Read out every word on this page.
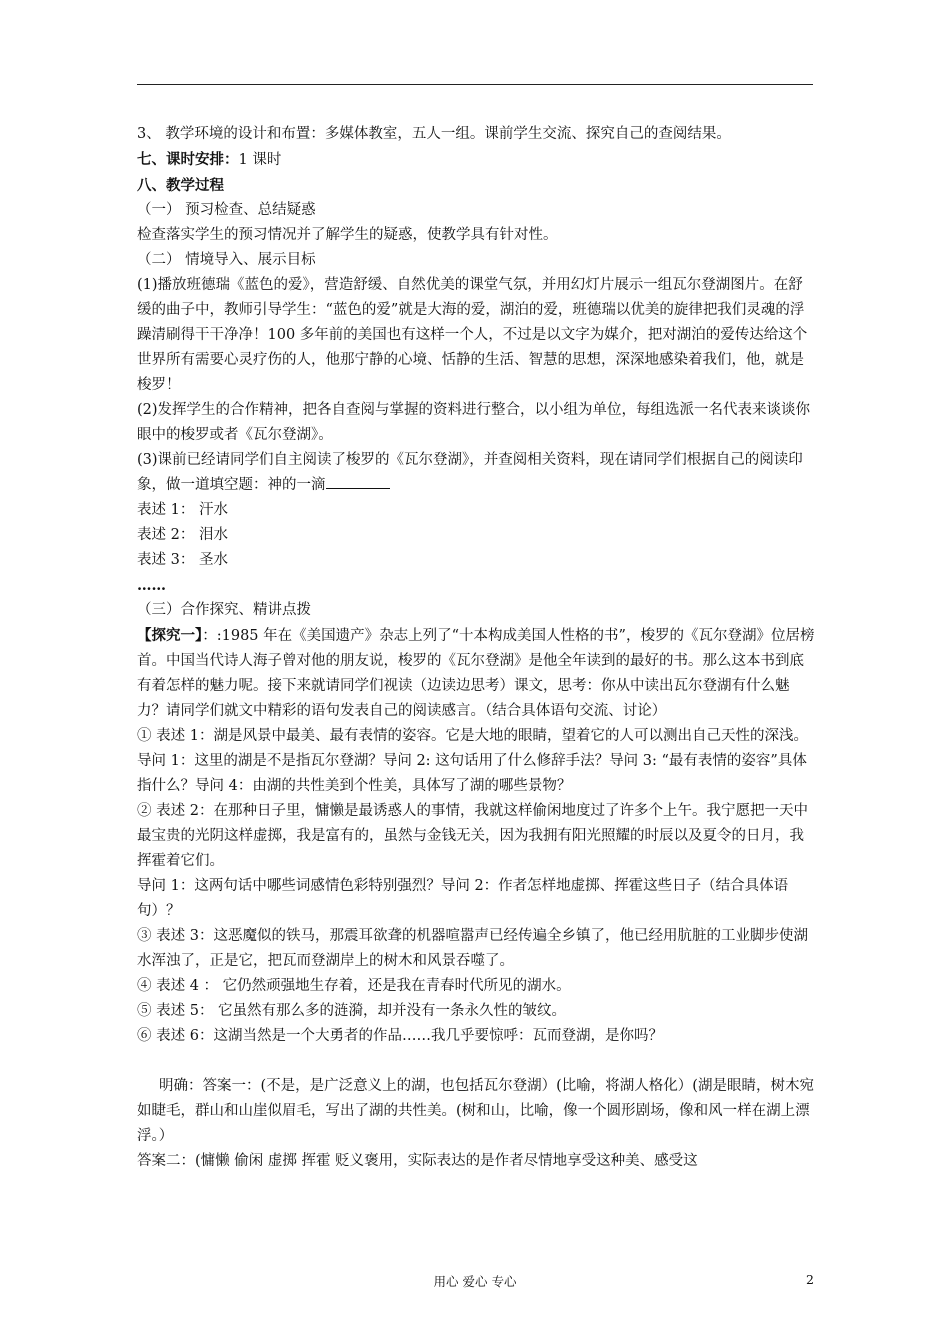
3、 教学环境的设计和布置：多媒体教室，五人一组。课前学生交流、探究自己的查阅结果。
七、课时安排：1 课时
八、教学过程
（一） 预习检查、总结疑惑
检查落实学生的预习情况并了解学生的疑惑，使教学具有针对性。
（二） 情境导入、展示目标
(1)播放班德瑞《蓝色的爱》，营造舒缓、自然优美的课堂气氛，并用幻灯片展示一组瓦尔登湖图片。在舒缓的曲子中，教师引导学生：“蓝色的爱”就是大海的爱，湖泊的爱，班德瑞以优美的旋律把我们灵魂的浮躁清刷得干干净净！100 多年前的美国也有这样一个人，不过是以文字为媒介，把对湖泊的爱传达给这个世界所有需要心灵疗伤的人，他那宁静的心境、恬静的生活、智慧的思想，深深地感染着我们，他，就是梭罗！
(2)发挥学生的合作精神，把各自查阅与掌握的资料进行整合，以小组为单位，每组选派一名代表来谈谈你眼中的梭罗或者《瓦尔登湖》。
(3)课前已经请同学们自主阅读了梭罗的《瓦尔登湖》，并查阅相关资料，现在请同学们根据自己的阅读印象，做一道填空题：神的一滴
表述 1： 汗水
表述 2： 泪水
表述 3： 圣水
……
（三）合作探究、精讲点拨
【探究一】：:1985 年在《美国遗产》杂志上列了“十本构成美国人性格的书”，梭罗的《瓦尔登湖》位居榜首。中国当代诗人海子曾对他的朋友说，梭罗的《瓦尔登湖》是他全年读到的最好的书。那么这本书到底有着怎样的魅力呢。接下来就请同学们视读（边读边思考）课文，思考：你从中读出瓦尔登湖有什么魅力？请同学们就文中精彩的语句发表自己的阅读感言。（结合具体语句交流、讨论）
① 表述 1：湖是风景中最美、最有表情的姿容。它是大地的眼睛，望着它的人可以测出自己天性的深浅。
导问 1：这里的湖是不是指瓦尔登湖？导问 2: 这句话用了什么修辞手法？导问 3: “最有表情的姿容”具体指什么？导问 4：由湖的共性美到个性美，具体写了湖的哪些景物？
② 表述 2：在那种日子里，慵懒是最诱惑人的事情，我就这样偷闲地度过了许多个上午。我宁愿把一天中最宝贵的光阴这样虚掷，我是富有的，虽然与金钱无关，因为我拥有阳光照耀的时辰以及夏令的日月，我挥霍着它们。
导问 1：这两句话中哪些词感情色彩特别强烈？导问 2：作者怎样地虚掷、挥霍这些日子（结合具体语句）？
③ 表述 3：这恶魔似的铁马，那震耳欲聋的机器喧嚣声已经传遍全乡镇了，他已经用肮脏的工业脚步使湖水浑浊了，正是它，把瓦而登湖岸上的树木和风景吞噬了。
④ 表述 4 ： 它仍然顽强地生存着，还是我在青春时代所见的湖水。
⑤ 表述 5： 它虽然有那么多的涟漪，却并没有一条永久性的皱纹。
⑥ 表述 6：这湖当然是一个大勇者的作品……我几乎要惊呼：瓦而登湖，是你吗？
明确：答案一：(不是，是广泛意义上的湖，也包括瓦尔登湖）(比喻，将湖人格化）(湖是眼睛，树木宛如睫毛，群山和山崖似眉毛，写出了湖的共性美。(树和山，比喻，像一个圆形剧场，像和风一样在湖上漂浮。）
答案二：(慵懒 偷闲 虚掷 挥霍 贬义褒用，实际表达的是作者尽情地享受这种美、感受这
用心 爱心 专心	2
